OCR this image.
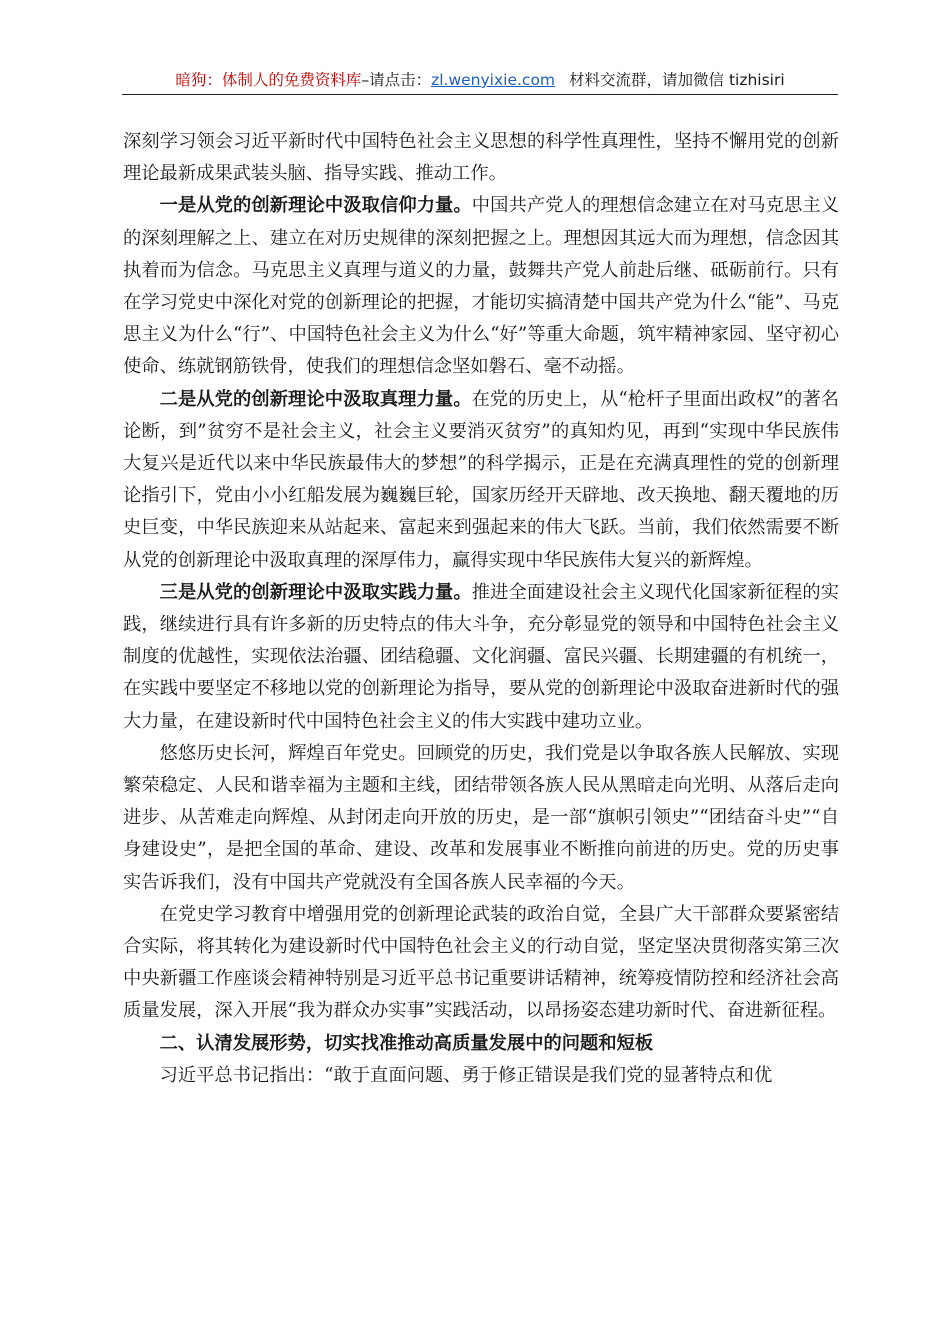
暗狗：体制人的免费资料库–请点击：zl.wenyixie.com 材料交流群，请加微信 tizhisiri

深刻学习领会习近平新时代中国特色社会主义思想的科学性真理性，坚持不懈用党的创新理论最新成果武装头脑、指导实践、推动工作。

一是从党的创新理论中汲取信仰力量。中国共产党人的理想信念建立在对马克思主义的深刻理解之上、建立在对历史规律的深刻把握之上。理想因其远大而为理想，信念因其执着而为信念。马克思主义真理与道义的力量，鼓舞共产党人前赴后继、砥砺前行。只有在学习党史中深化对党的创新理论的把握，才能切实搞清楚中国共产党为什么“能”、马克思主义为什么“行”、中国特色社会主义为什么“好”等重大命题，筑牢精神家园、坚守初心使命、练就钢筋铁骨，使我们的理想信念坚如磐石、毫不动摇。

二是从党的创新理论中汲取真理力量。在党的历史上，从“枪杆子里面出政权”的著名论断，到”贫穷不是社会主义，社会主义要消灭贫穷”的真知灼见，再到“实现中华民族伟大复兴是近代以来中华民族最伟大的梦想”的科学揭示，正是在充满真理性的党的创新理论指引下，党由小小红船发展为巍巍巨轮，国家历经开天辟地、改天换地、翻天覆地的历史巨变，中华民族迎来从站起来、富起来到强起来的伟大飞跃。当前，我们依然需要不断从党的创新理论中汲取真理的深厚伟力，赢得实现中华民族伟大复兴的新辉煌。

三是从党的创新理论中汲取实践力量。推进全面建设社会主义现代化国家新征程的实践，继续进行具有许多新的历史特点的伟大斗争，充分彰显党的领导和中国特色社会主义制度的优越性，实现依法治疆、团结稳疆、文化润疆、富民兴疆、长期建疆的有机统一，在实践中要坚定不移地以党的创新理论为指导，要从党的创新理论中汲取奋进新时代的强大力量，在建设新时代中国特色社会主义的伟大实践中建功立业。

悠悠历史长河，辉煌百年党史。回顾党的历史，我们党是以争取各族人民解放、实现繁荣稳定、人民和谐幸福为主题和主线，团结带领各族人民从黑暗走向光明、从落后走向进步、从苦难走向辉煌、从封闭走向开放的历史，是一部“旗帜引领史”“团结奋斗史”“自身建设史”，是把全国的革命、建设、改革和发展事业不断推向前进的历史。党的历史事实告诉我们，没有中国共产党就没有全国各族人民幸福的今天。

在党史学习教育中增强用党的创新理论武装的政治自觉，全县广大干部群众要紧密结合实际，将其转化为建设新时代中国特色社会主义的行动自觉，坚定坚决贯彻落实第三次中央新疆工作座谈会精神特别是习近平总书记重要讲话精神，统筹疫情防控和经济社会高质量发展，深入开展“我为群众办实事”实践活动，以昂扬姿态建功新时代、奋进新征程。

二、认清发展形势，切实找准推动高质量发展中的问题和短板

习近平总书记指出：“敢于直面问题、勇于修正错误是我们党的显著特点和优
